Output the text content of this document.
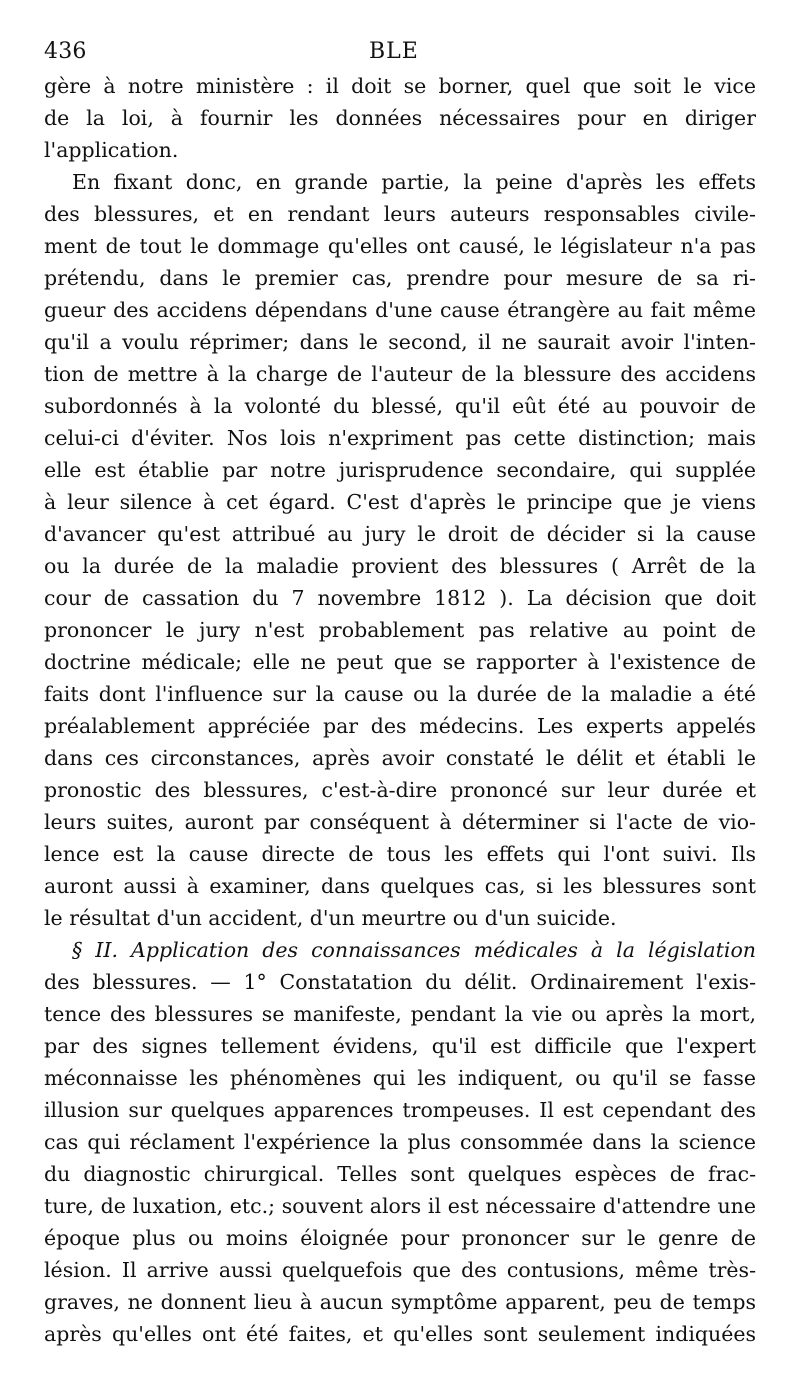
436	BLE
gère à notre ministère : il doit se borner, quel que soit le vice
de la loi, à fournir les données nécessaires pour en diriger
l'application.
En fixant donc, en grande partie, la peine d'après les effets
des blessures, et en rendant leurs auteurs responsables civile-
ment de tout le dommage qu'elles ont causé, le législateur n'a pas
prétendu, dans le premier cas, prendre pour mesure de sa ri-
gueur des accidens dépendans d'une cause étrangère au fait même
qu'il a voulu réprimer; dans le second, il ne saurait avoir l'inten-
tion de mettre à la charge de l'auteur de la blessure des accidens
subordonnés à la volonté du blessé, qu'il eût été au pouvoir de
celui-ci d'éviter. Nos lois n'expriment pas cette distinction; mais
elle est établie par notre jurisprudence secondaire, qui supplée
à leur silence à cet égard. C'est d'après le principe que je viens
d'avancer qu'est attribué au jury le droit de décider si la cause
ou la durée de la maladie provient des blessures ( Arrêt de la
cour de cassation du 7 novembre 1812 ). La décision que doit
prononcer le jury n'est probablement pas relative au point de
doctrine médicale; elle ne peut que se rapporter à l'existence de
faits dont l'influence sur la cause ou la durée de la maladie a été
préalablement appréciée par des médecins. Les experts appelés
dans ces circonstances, après avoir constaté le délit et établi le
pronostic des blessures, c'est-à-dire prononcé sur leur durée et
leurs suites, auront par conséquent à déterminer si l'acte de vio-
lence est la cause directe de tous les effets qui l'ont suivi. Ils
auront aussi à examiner, dans quelques cas, si les blessures sont
le résultat d'un accident, d'un meurtre ou d'un suicide.
§ II. Application des connaissances médicales à la législation
des blessures. — 1° Constatation du délit. Ordinairement l'exis-
tence des blessures se manifeste, pendant la vie ou après la mort,
par des signes tellement évidens, qu'il est difficile que l'expert
méconnaisse les phénomènes qui les indiquent, ou qu'il se fasse
illusion sur quelques apparences trompeuses. Il est cependant des
cas qui réclament l'expérience la plus consommée dans la science
du diagnostic chirurgical. Telles sont quelques espèces de frac-
ture, de luxation, etc.; souvent alors il est nécessaire d'attendre une
époque plus ou moins éloignée pour prononcer sur le genre de
lésion. Il arrive aussi quelquefois que des contusions, même très-
graves, ne donnent lieu à aucun symptôme apparent, peu de temps
après qu'elles ont été faites, et qu'elles sont seulement indiquées
